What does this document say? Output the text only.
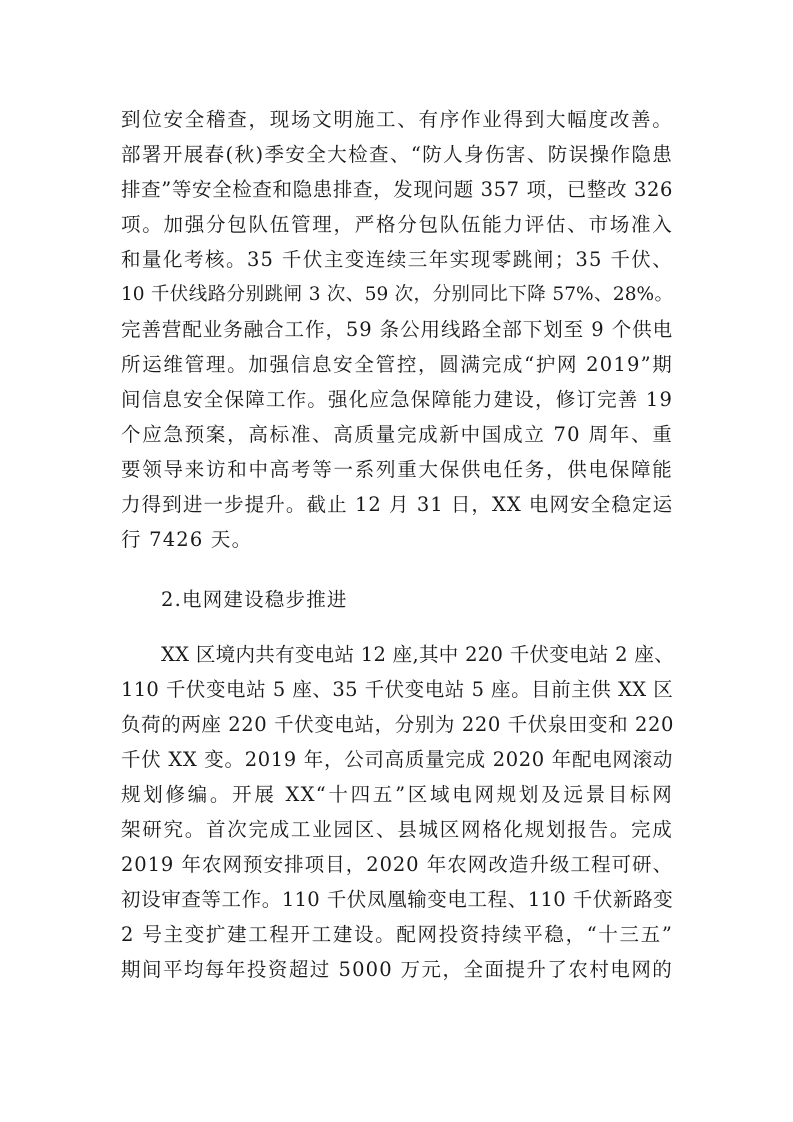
到位安全稽查，现场文明施工、有序作业得到大幅度改善。
部署开展春(秋)季安全大检查、“防人身伤害、防误操作隐患
排查”等安全检查和隐患排查，发现问题 357 项，已整改 326
项。加强分包队伍管理，严格分包队伍能力评估、市场准入
和量化考核。35 千伏主变连续三年实现零跳闸；35 千伏、
10 千伏线路分别跳闸 3 次、59 次，分别同比下降 57%、28%。
完善营配业务融合工作，59 条公用线路全部下划至 9 个供电
所运维管理。加强信息安全管控，圆满完成“护网 2019”期
间信息安全保障工作。强化应急保障能力建设，修订完善 19
个应急预案，高标准、高质量完成新中国成立 70 周年、重
要领导来访和中高考等一系列重大保供电任务，供电保障能
力得到进一步提升。截止 12 月 31 日，XX 电网安全稳定运
行 7426 天。
2.电网建设稳步推进
XX 区境内共有变电站 12 座,其中 220 千伏变电站 2 座、
110 千伏变电站 5 座、35 千伏变电站 5 座。目前主供 XX 区
负荷的两座 220 千伏变电站，分别为 220 千伏泉田变和 220
千伏 XX 变。2019 年，公司高质量完成 2020 年配电网滚动
规划修编。开展 XX“十四五”区域电网规划及远景目标网
架研究。首次完成工业园区、县城区网格化规划报告。完成
2019 年农网预安排项目，2020 年农网改造升级工程可研、
初设审查等工作。110 千伏凤凰输变电工程、110 千伏新路变
2 号主变扩建工程开工建设。配网投资持续平稳，“十三五”
期间平均每年投资超过 5000 万元，全面提升了农村电网的
